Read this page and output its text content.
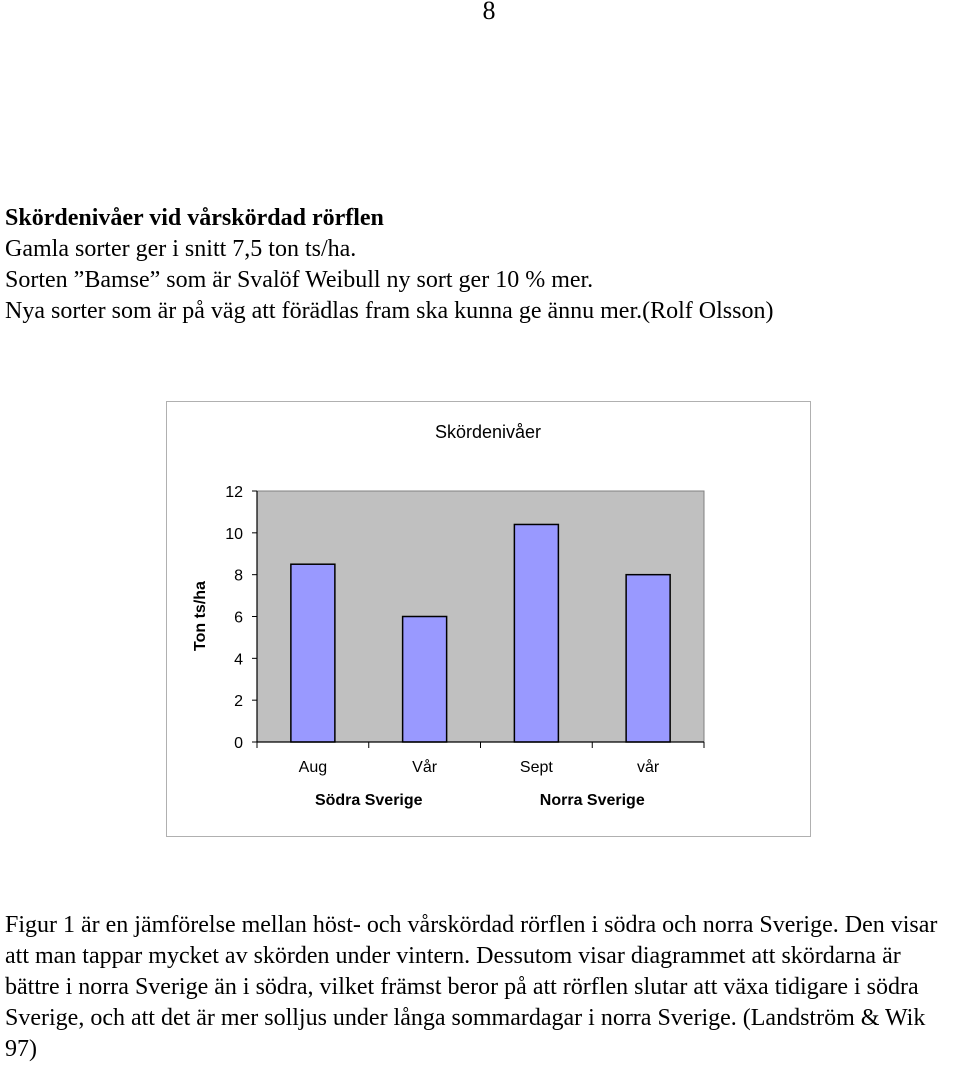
8
Skördenivåer vid vårskördad rörflen
Gamla sorter ger i snitt 7,5 ton ts/ha.
Sorten ”Bamse” som är Svalöf Weibull ny sort ger 10 % mer.
Nya sorter som är på väg att förädlas fram ska kunna ge ännu mer.(Rolf Olsson)
Skördenivåer
Ton ts/ha
0
2
4
6
8
10
12
Aug	Vår	Sept	vår
Södra Sverige	Norra Sverige
Figur 1 är en jämförelse mellan höst- och vårskördad rörflen i södra och norra Sverige. Den visar att man tappar mycket av skörden under vintern. Dessutom visar diagrammet att skördarna är bättre i norra Sverige än i södra, vilket främst beror på att rörflen slutar att växa tidigare i södra Sverige, och att det är mer solljus under långa sommardagar i norra Sverige. (Landström & Wik 97)
